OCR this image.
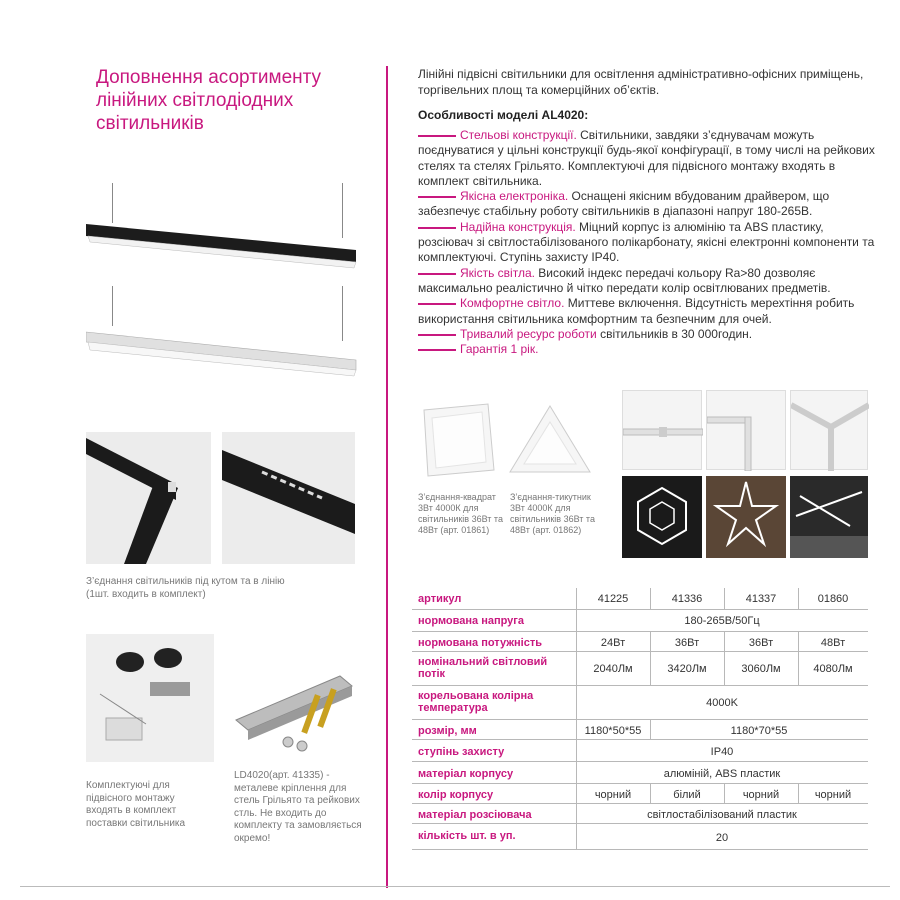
Доповнення асортименту лінійних світлодіодних світильників
З’єднання світильників під кутом та в лінію
(1шт. входить в комплект)
Комплектуючі для підвісного монтажу входять в комплект поставки світильника
LD4020(арт. 41335) - металеве кріплення для стель Грільято та рейкових стль. Не входить до комплекту та замовляється окремо!

Лінійні підвісні світильники для освітлення адміністративно-офісних приміщень, торгівельних площ та комерційних об’єктів.

Особливості моделі AL4020:
Стельові конструкції. Світильники, завдяки з’єднувачам можуть поєднуватися у цільні конструкції будь-якої конфігурації, в тому числі на рейкових стелях та стелях Грільято. Комплектуючі для підвісного монтажу входять в комплект світильника.
Якісна електроніка. Оснащені якісним вбудованим драйвером, що забезпечує стабільну роботу світильників в діапазоні напруг 180-265В.
Надійна конструкція. Міцний корпус із алюмінію та ABS пластику, розсіювач зі світлостабілізованого полікарбонату, якісні електронні компоненти та комплектуючі. Ступінь захисту IP40.
Якість світла. Високий індекс передачі кольору Ra>80 дозволяє максимально реалістично й чітко передати колір освітлюваних предметів.
Комфортне світло. Миттеве включення. Відсутність мерехтіння робить використання світильника комфортним та безпечним для очей.
Тривалий ресурс роботи світильників в 30 000годин.
Гарантія 1 рік.
З’єднання-квадрат 3Вт 4000К для світильників 36Вт та 48Вт (арт. 01861)
З’єднання-тикутник 3Вт 4000К для світильників 36Вт та 48Вт (арт. 01862)
артикул	41225	41336	41337	01860
нормована напруга	180-265В/50Гц
нормована потужність	24Вт	36Вт	36Вт	48Вт
номінальний світловий потік	2040Лм	3420Лм	3060Лм	4080Лм
корельована колірна температура	4000K
розмір, мм	1180*50*55	1180*70*55
ступінь захисту	IP40
матеріал корпусу	алюміній, ABS пластик
колір корпусу	чорний	білий	чорний	чорний
матеріал розсіювача	світлостабілізований пластик
кількість шт. в уп.	20
